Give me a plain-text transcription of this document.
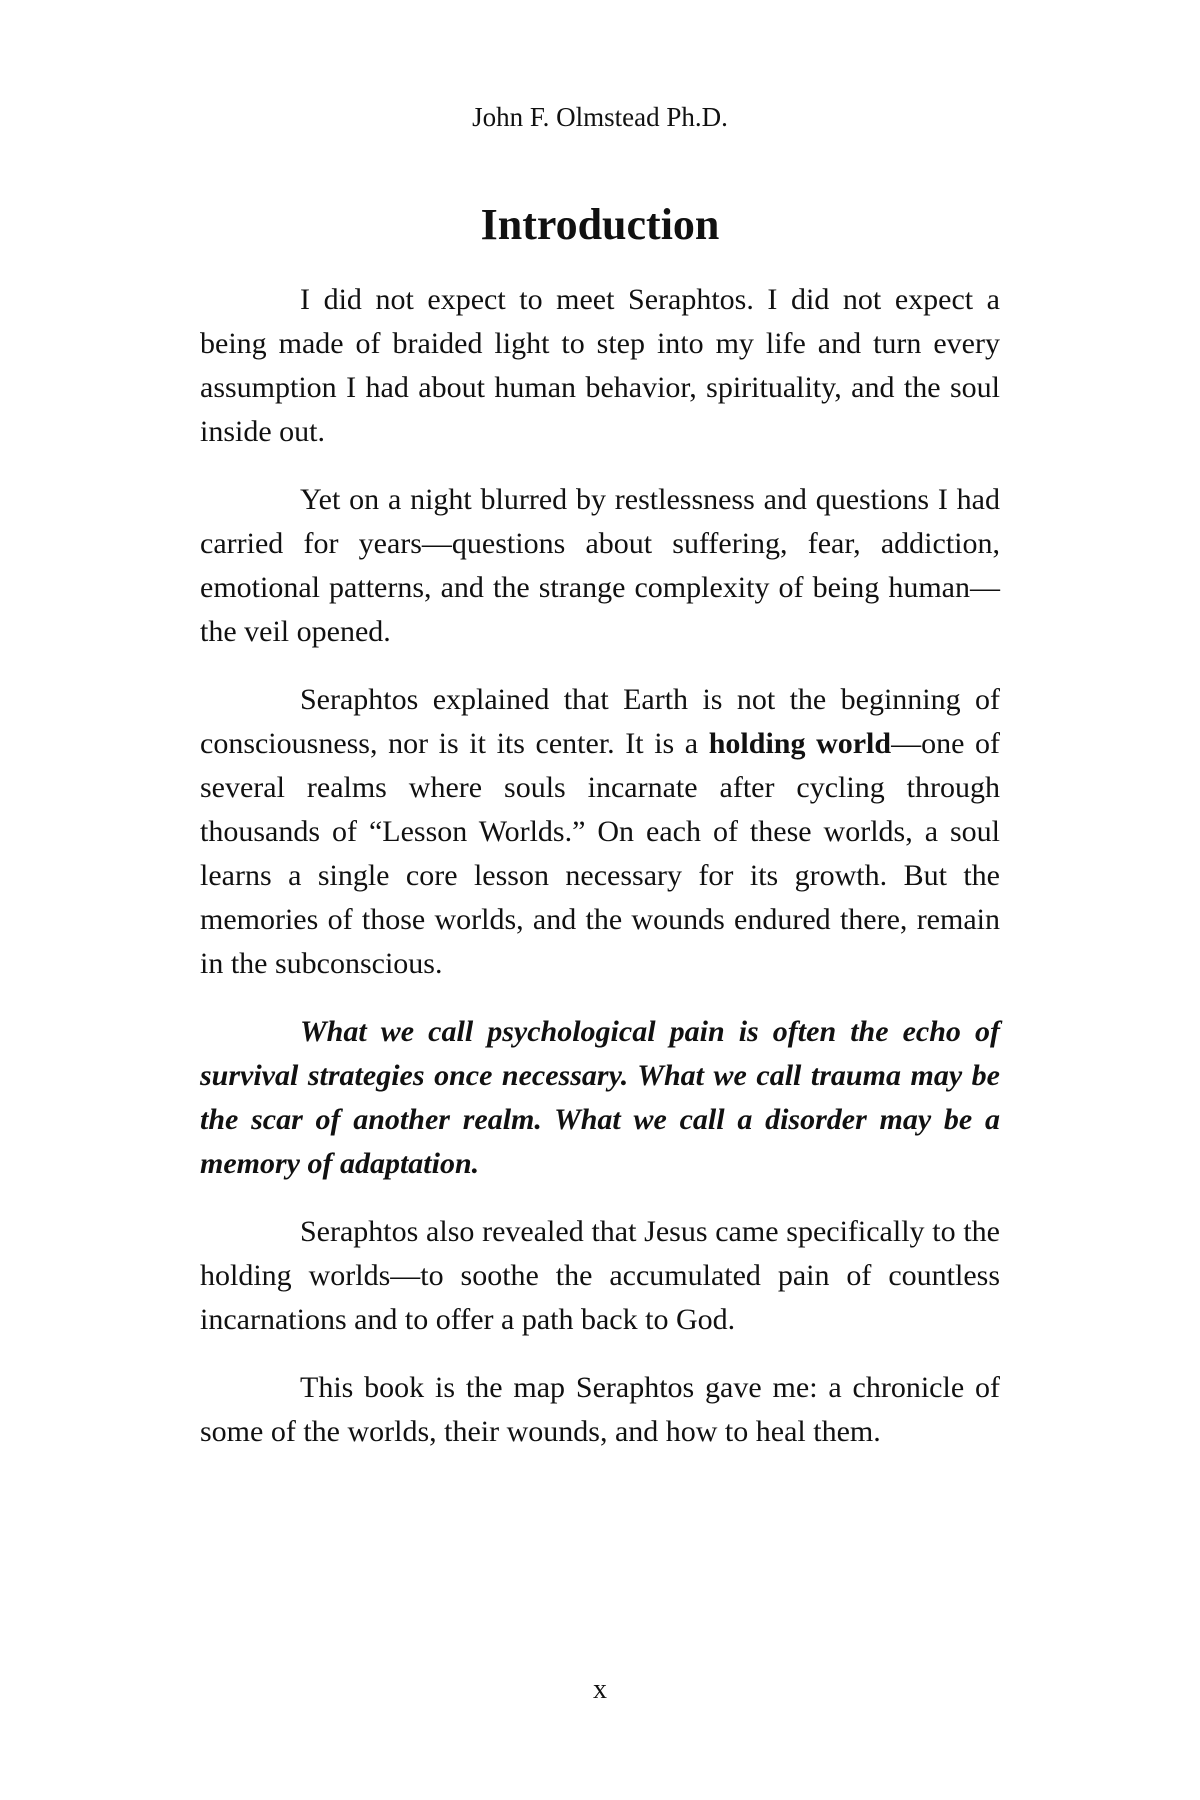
John F. Olmstead Ph.D.
Introduction

I did not expect to meet Seraphtos. I did not expect a being made of braided light to step into my life and turn every assumption I had about human behavior, spirituality, and the soul inside out.

Yet on a night blurred by restlessness and questions I had carried for years—questions about suffering, fear, addiction, emotional patterns, and the strange complexity of being human—the veil opened.

Seraphtos explained that Earth is not the beginning of consciousness, nor is it its center. It is a holding world—one of several realms where souls incarnate after cycling through thousands of “Lesson Worlds.” On each of these worlds, a soul learns a single core lesson necessary for its growth. But the memories of those worlds, and the wounds endured there, remain in the subconscious.

What we call psychological pain is often the echo of survival strategies once necessary. What we call trauma may be the scar of another realm. What we call a disorder may be a memory of adaptation.

Seraphtos also revealed that Jesus came specifically to the holding worlds—to soothe the accumulated pain of countless incarnations and to offer a path back to God.

This book is the map Seraphtos gave me: a chronicle of some of the worlds, their wounds, and how to heal them.

x
